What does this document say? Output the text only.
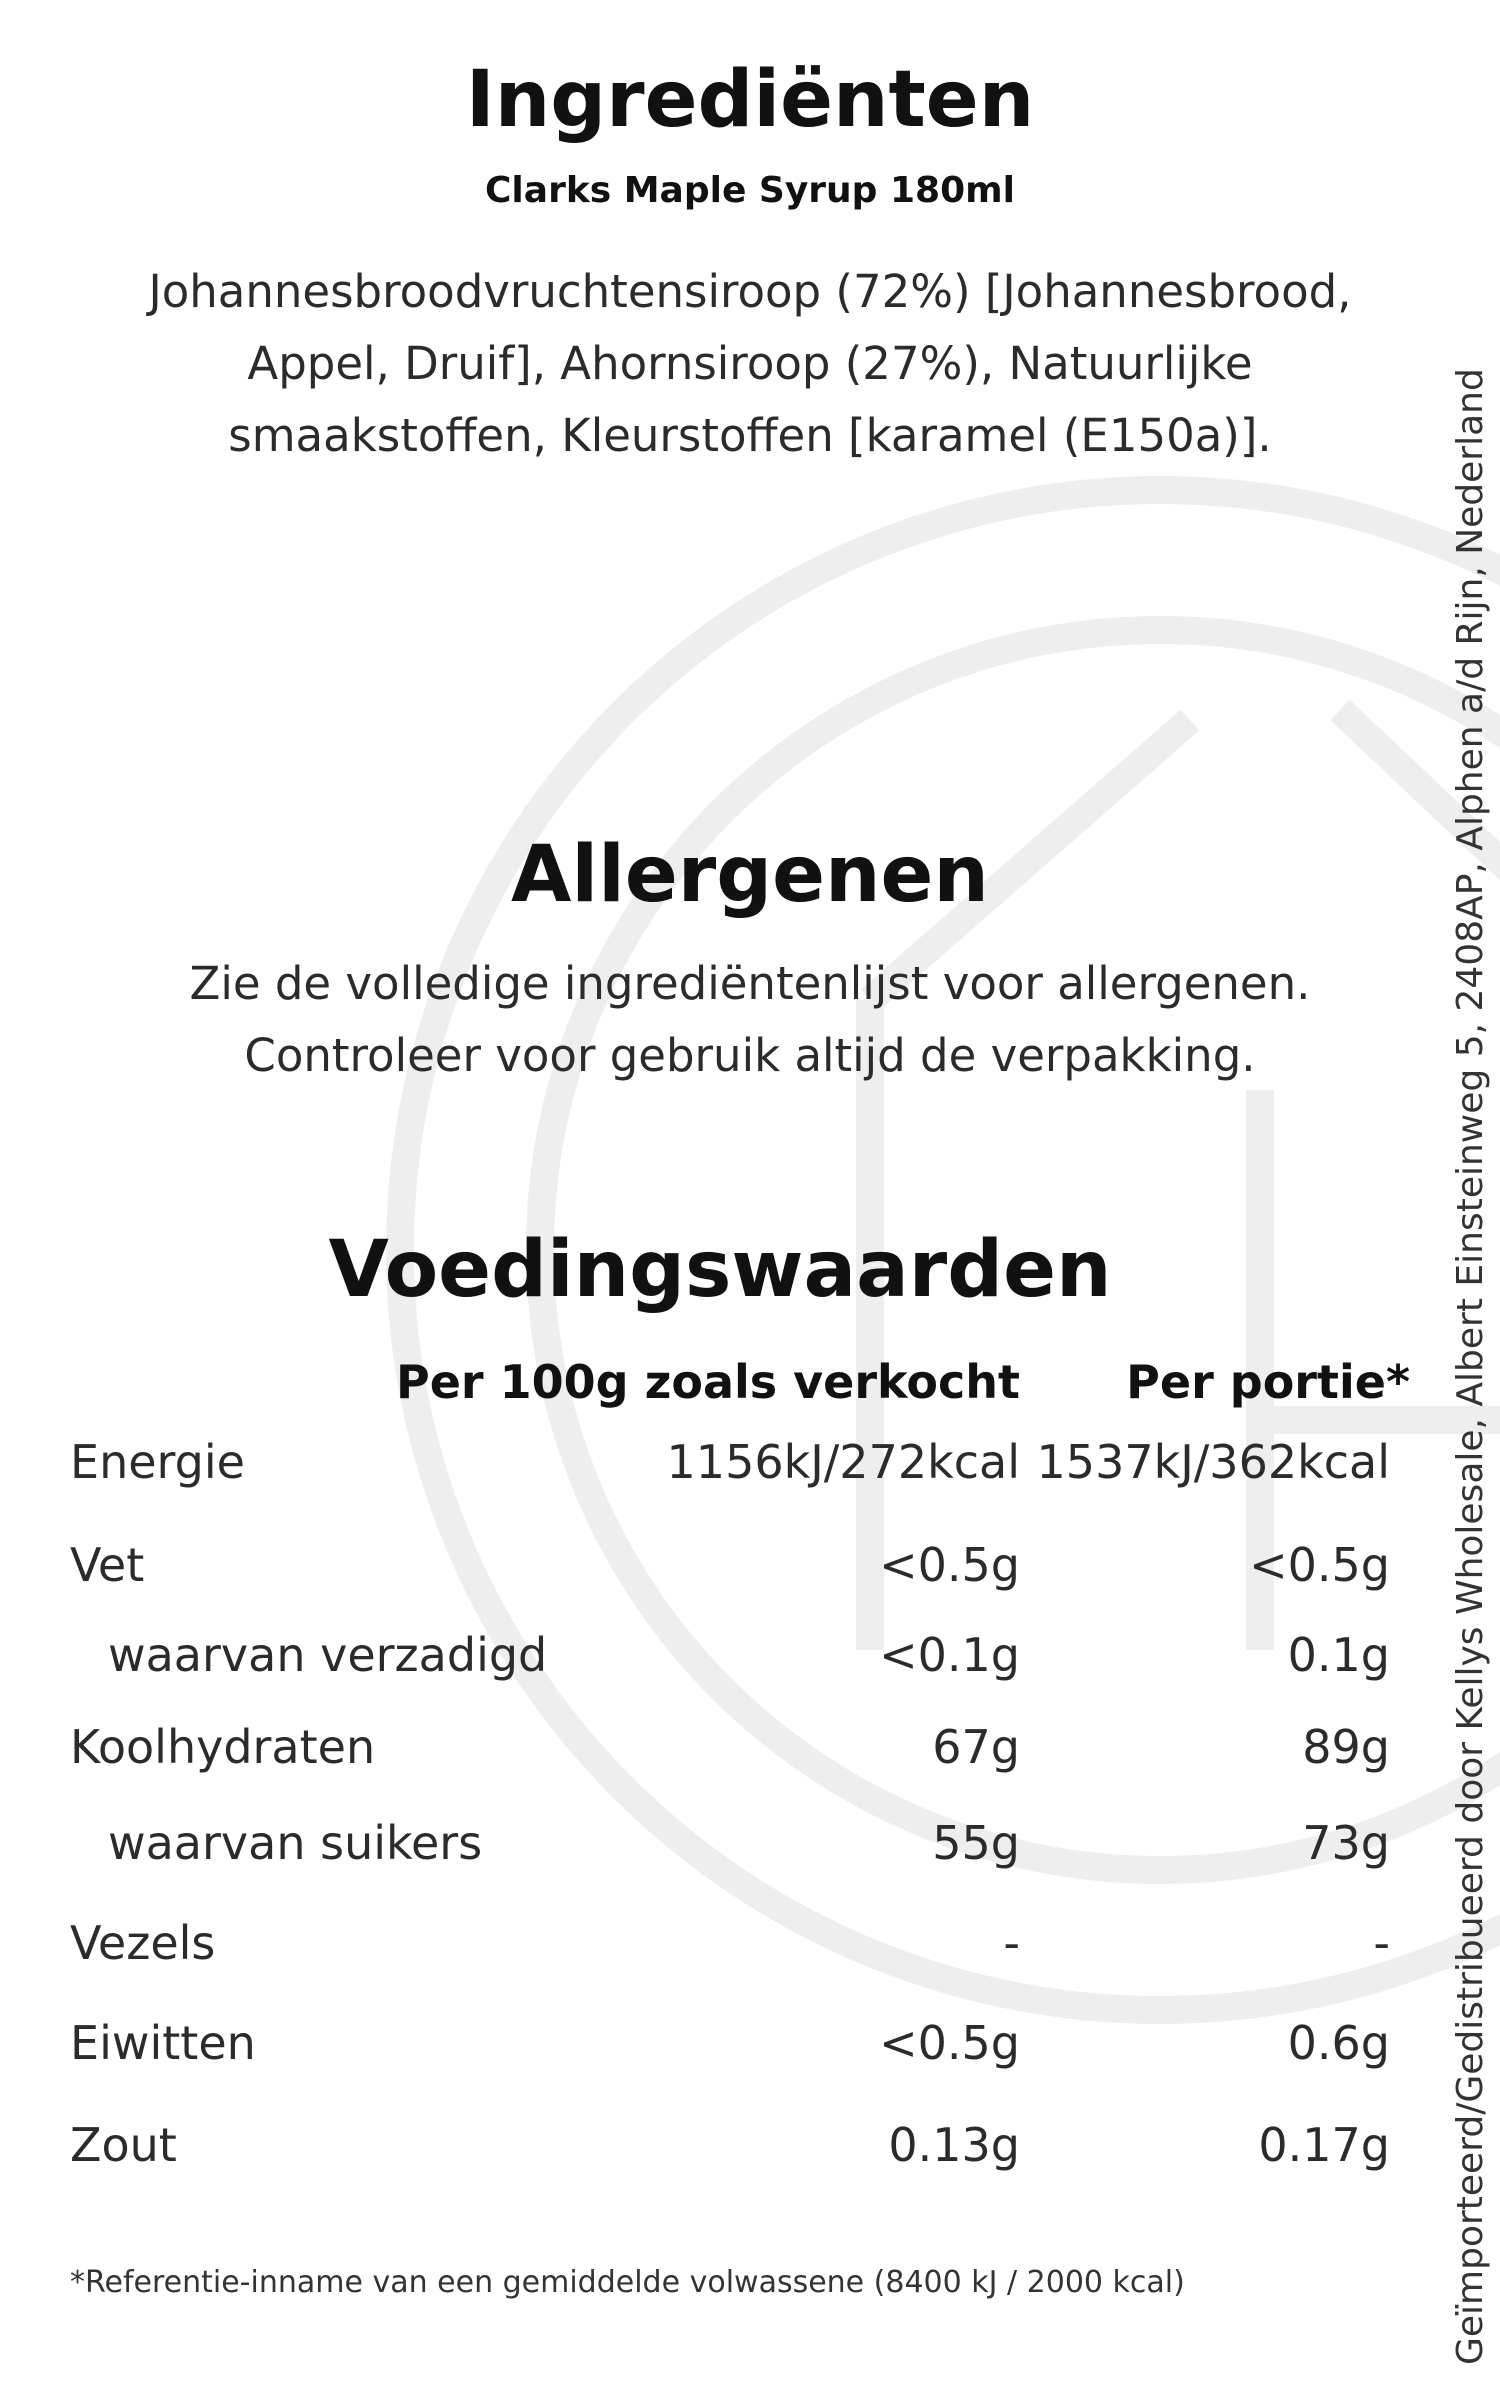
Ingrediënten
Clarks Maple Syrup 180ml
Johannesbroodvruchtensiroop (72%) [Johannesbrood,
Appel, Druif], Ahornsiroop (27%), Natuurlijke
smaakstoffen, Kleurstoffen [karamel (E150a)].
Allergenen
Zie de volledige ingrediëntenlijst voor allergenen.
Controleer voor gebruik altijd de verpakking.
Voedingswaarden
Per 100g zoals verkocht Per portie*
Energie	1156kJ/272kcal 1537kJ/362kcal
Vet	<0.5g	<0.5g
waarvan verzadigd	<0.1g	0.1g
Koolhydraten	67g	89g
waarvan suikers	55g	73g
Vezels	-	-
Eiwitten	<0.5g	0.6g
Zout	0.13g	0.17g
*Referentie-inname van een gemiddelde volwassene (8400 kJ / 2000 kcal)	Geïmporteerd/Gedistribueerd door Kellys Wholesale, Albert Einsteinweg 5, 2408AP, Alphen a/d Rijn, Nederland
